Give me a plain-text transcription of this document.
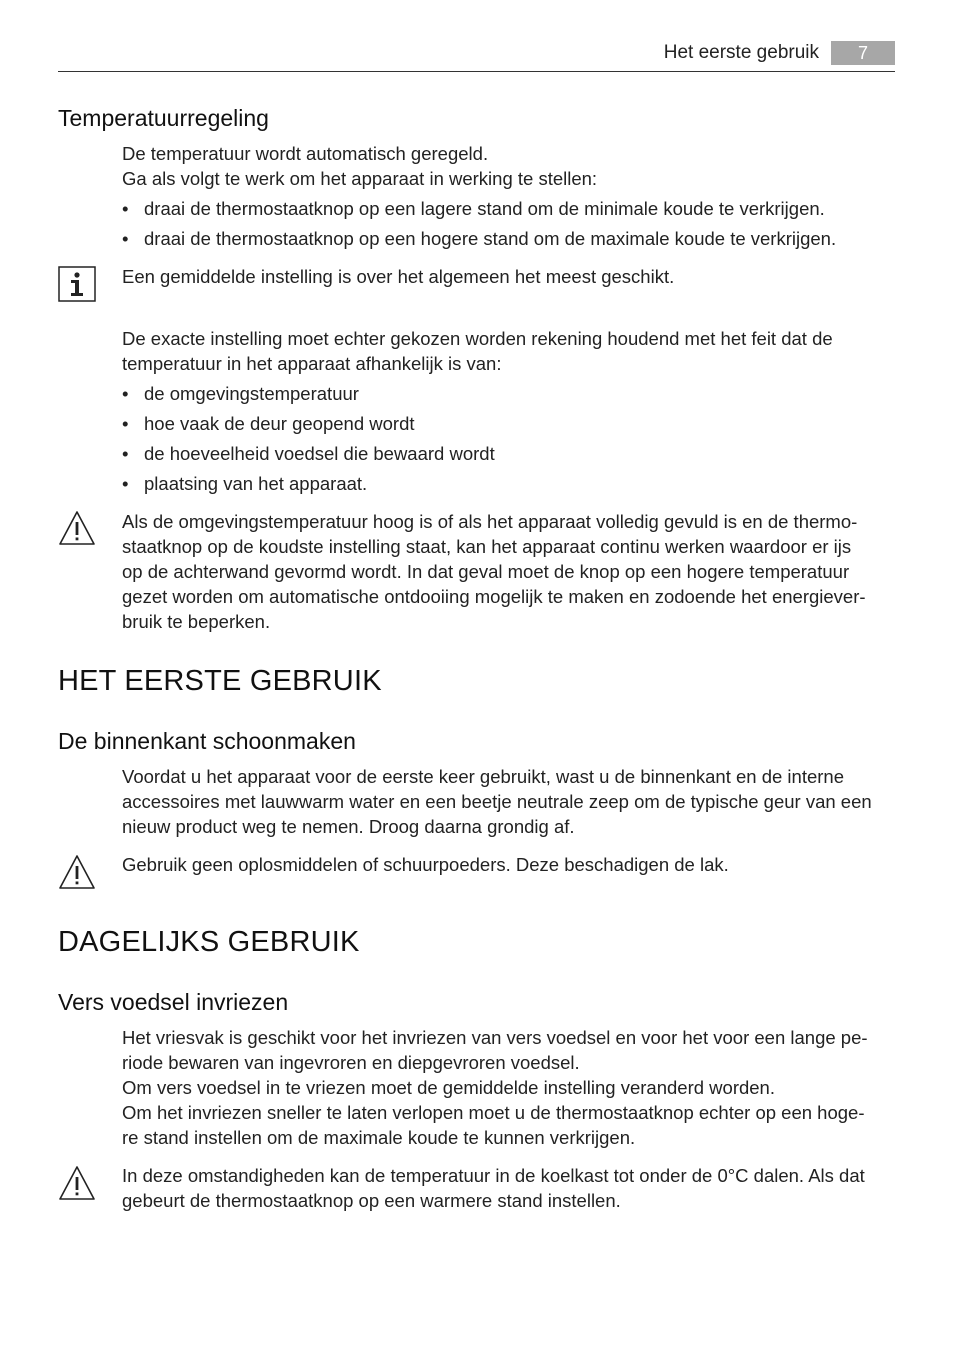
Het eerste gebruik	7
Temperatuurregeling
De temperatuur wordt automatisch geregeld.
Ga als volgt te werk om het apparaat in werking te stellen:
• draai de thermostaatknop op een lagere stand om de minimale koude te verkrijgen.
• draai de thermostaatknop op een hogere stand om de maximale koude te verkrijgen.
Een gemiddelde instelling is over het algemeen het meest geschikt.
De exacte instelling moet echter gekozen worden rekening houdend met het feit dat de
temperatuur in het apparaat afhankelijk is van:
• de omgevingstemperatuur
• hoe vaak de deur geopend wordt
• de hoeveelheid voedsel die bewaard wordt
• plaatsing van het apparaat.
Als de omgevingstemperatuur hoog is of als het apparaat volledig gevuld is en de thermo-
staatknop op de koudste instelling staat, kan het apparaat continu werken waardoor er ijs
op de achterwand gevormd wordt. In dat geval moet de knop op een hogere temperatuur
gezet worden om automatische ontdooiing mogelijk te maken en zodoende het energiever-
bruik te beperken.
HET EERSTE GEBRUIK
De binnenkant schoonmaken
Voordat u het apparaat voor de eerste keer gebruikt, wast u de binnenkant en de interne
accessoires met lauwwarm water en een beetje neutrale zeep om de typische geur van een
nieuw product weg te nemen. Droog daarna grondig af.
Gebruik geen oplosmiddelen of schuurpoeders. Deze beschadigen de lak.
DAGELIJKS GEBRUIK
Vers voedsel invriezen
Het vriesvak is geschikt voor het invriezen van vers voedsel en voor het voor een lange pe-
riode bewaren van ingevroren en diepgevroren voedsel.
Om vers voedsel in te vriezen moet de gemiddelde instelling veranderd worden.
Om het invriezen sneller te laten verlopen moet u de thermostaatknop echter op een hoge-
re stand instellen om de maximale koude te kunnen verkrijgen.
In deze omstandigheden kan de temperatuur in de koelkast tot onder de 0°C dalen. Als dat
gebeurt de thermostaatknop op een warmere stand instellen.
